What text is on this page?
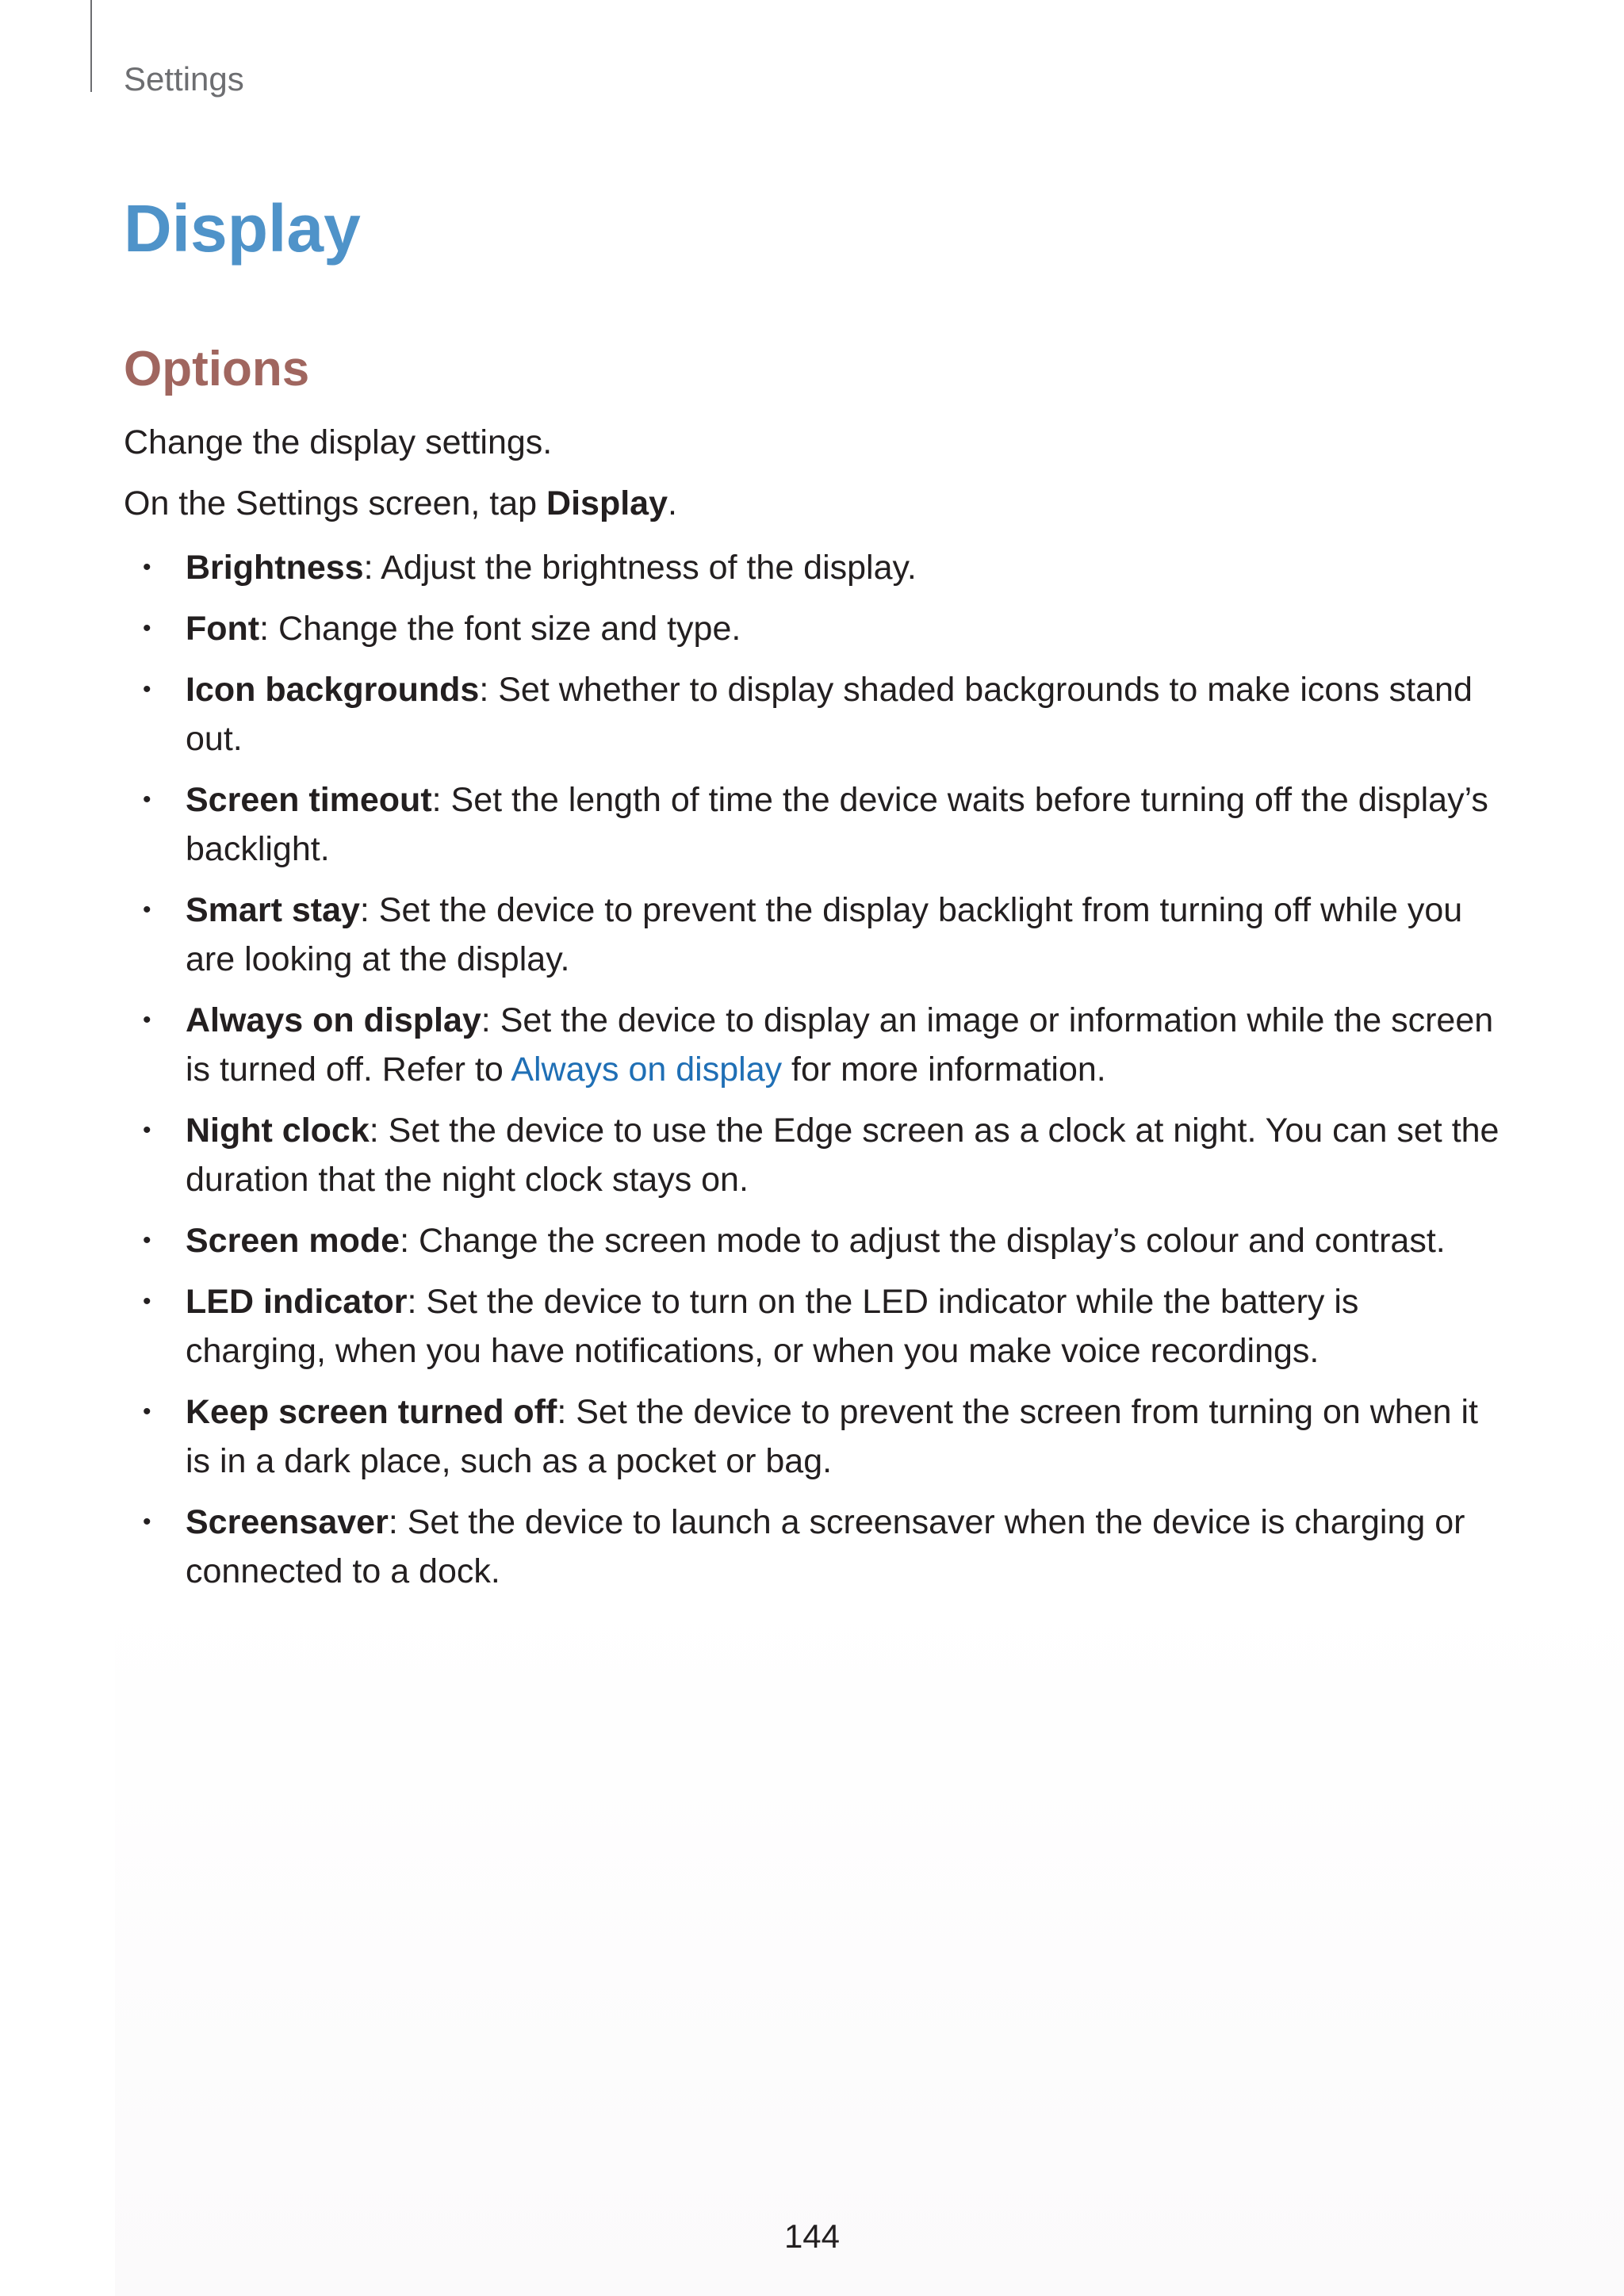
Settings
Display
Options

Change the display settings.

On the Settings screen, tap Display.

• Brightness: Adjust the brightness of the display.
• Font: Change the font size and type.
• Icon backgrounds: Set whether to display shaded backgrounds to make icons stand out.
• Screen timeout: Set the length of time the device waits before turning off the display’s backlight.
• Smart stay: Set the device to prevent the display backlight from turning off while you are looking at the display.
• Always on display: Set the device to display an image or information while the screen is turned off. Refer to Always on display for more information.
• Night clock: Set the device to use the Edge screen as a clock at night. You can set the duration that the night clock stays on.
• Screen mode: Change the screen mode to adjust the display’s colour and contrast.
• LED indicator: Set the device to turn on the LED indicator while the battery is charging, when you have notifications, or when you make voice recordings.
• Keep screen turned off: Set the device to prevent the screen from turning on when it is in a dark place, such as a pocket or bag.
• Screensaver: Set the device to launch a screensaver when the device is charging or connected to a dock.
144
